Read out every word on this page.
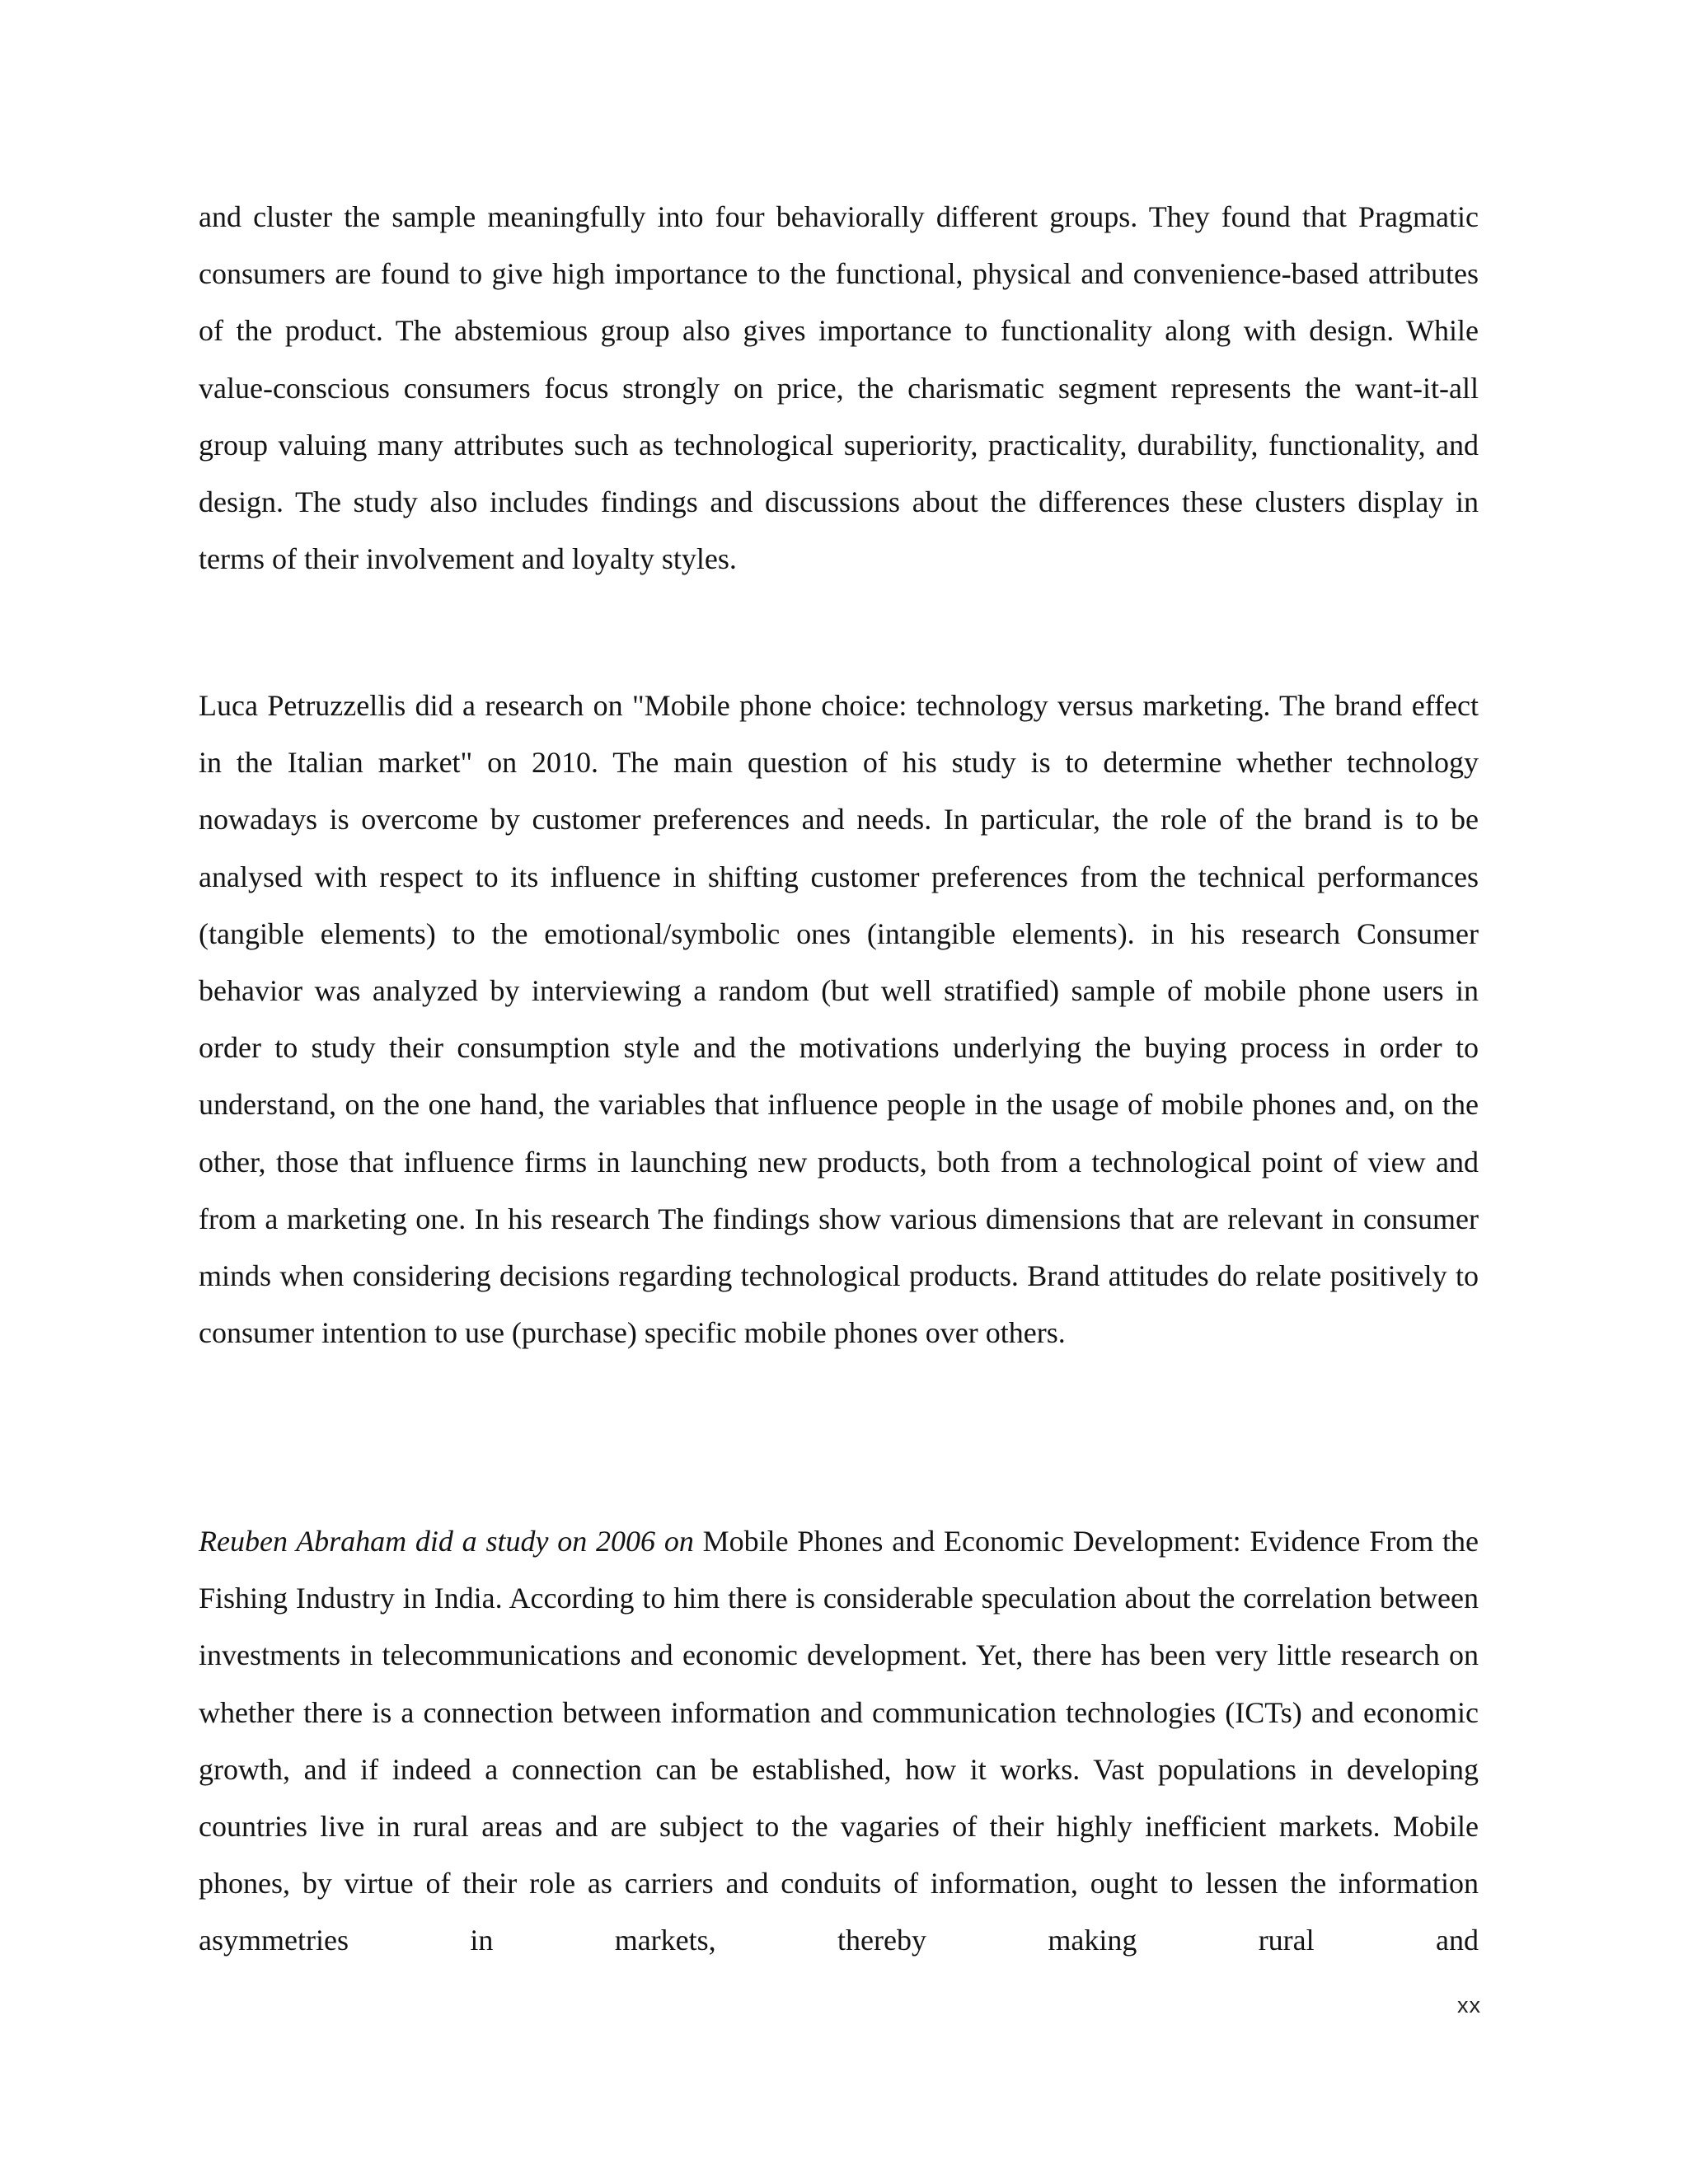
and cluster the sample meaningfully into four behaviorally different groups. They found that Pragmatic consumers are found to give high importance to the functional, physical and convenience-based attributes of the product. The abstemious group also gives importance to functionality along with design. While value-conscious consumers focus strongly on price, the charismatic segment represents the want-it-all group valuing many attributes such as technological superiority, practicality, durability, functionality, and design. The study also includes findings and discussions about the differences these clusters display in terms of their involvement and loyalty styles.

Luca Petruzzellis did a research on "Mobile phone choice: technology versus marketing. The brand effect in the Italian market" on 2010. The main question of his study is to determine whether technology nowadays is overcome by customer preferences and needs. In particular, the role of the brand is to be analysed with respect to its influence in shifting customer preferences from the technical performances (tangible elements) to the emotional/symbolic ones (intangible elements). in his research Consumer behavior was analyzed by interviewing a random (but well stratified) sample of mobile phone users in order to study their consumption style and the motivations underlying the buying process in order to understand, on the one hand, the variables that influence people in the usage of mobile phones and, on the other, those that influence firms in launching new products, both from a technological point of view and from a marketing one. In his research The findings show various dimensions that are relevant in consumer minds when considering decisions regarding technological products. Brand attitudes do relate positively to consumer intention to use (purchase) specific mobile phones over others.

Reuben Abraham did a study on 2006 on Mobile Phones and Economic Development: Evidence From the Fishing Industry in India. According to him there is considerable speculation about the correlation between investments in telecommunications and economic development. Yet, there has been very little research on whether there is a connection between information and communication technologies (ICTs) and economic growth, and if indeed a connection can be established, how it works. Vast populations in developing countries live in rural areas and are subject to the vagaries of their highly inefficient markets. Mobile phones, by virtue of their role as carriers and conduits of information, ought to lessen the information asymmetries in markets, thereby making rural and

xx
